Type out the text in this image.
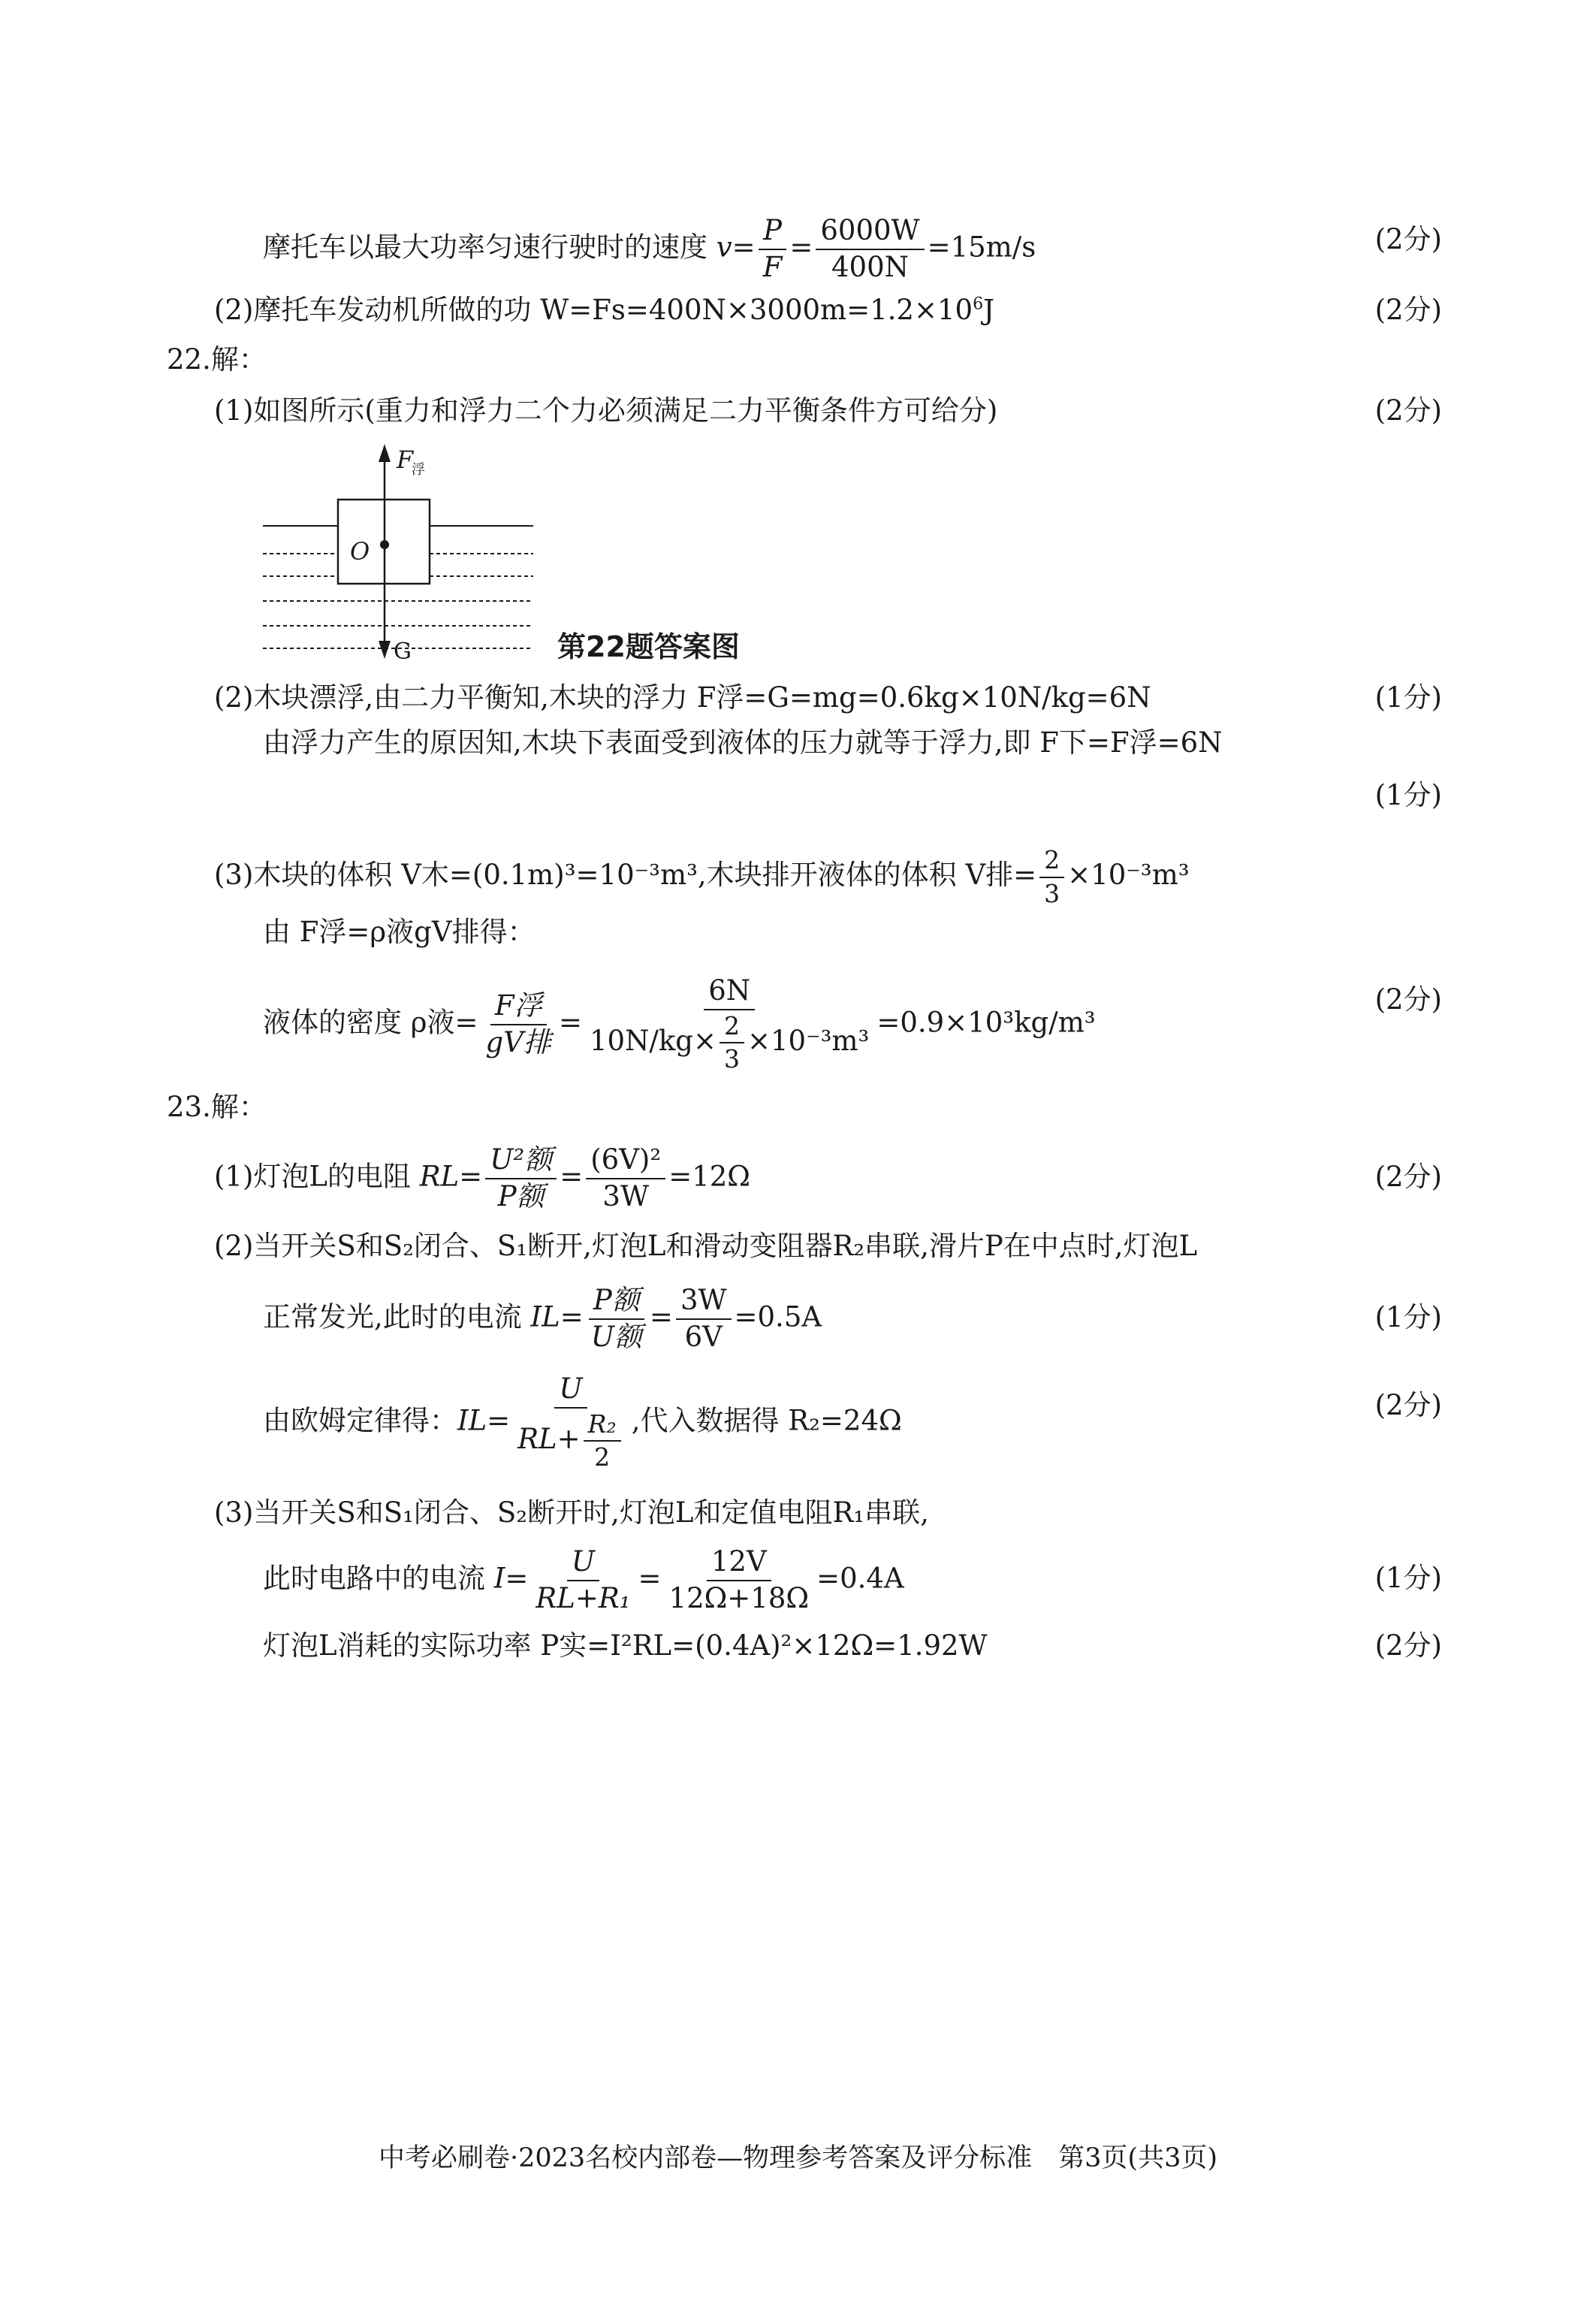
摩托车以最大功率匀速行驶时的速度 $v= \frac{P}{F} = \frac{6000W}{400N} =15m/s$	(2分)
(2)摩托车发动机所做的功 $W=Fs=400N\times 3000m=1.2\times 10^6J$	(2分)
22.解：
(1)如图所示(重力和浮力二个力必须满足二力平衡条件方可给分)	(2分)
F
浮
O
G	第22题答案图
(2)木块漂浮,由二力平衡知,木块的浮力 F浮=G=mg=0.6kg×10N/kg=6N	(1分)
由浮力产生的原因知,木块下表面受到液体的压力就等于浮力,即 F下=F浮=6N
(1分)
(3)木块的体积 V木=(0.1m)³=10⁻³m³,木块排开液体的体积 V排= $\frac{2}{3} \times 10^{-3}m^3$
由 F浮=ρ液gV排得：
液体的密度 ρ液= $\frac{\text{F浮}}{\text{gV排}} = \frac{6N}{10N/kg\times \frac{2}{3} \times 10^{-3}m^3} =0.9\times 10^3kg/m^3$
(2分)
23.解：
(1)灯泡L的电阻 $RL= \frac{\text{U²额}}{\text{P额}} = \frac{\text{(6V)²}}{3W} =12\Omega$	(2分)
(2)当开关S和S₂闭合、S₁断开,灯泡L和滑动变阻器R₂串联,滑片P在中点时,灯泡L
正常发光,此时的电流 $IL= \frac{\text{P额}}{\text{U额}} = \frac{3W}{6V} =0.5A$	(1分)
由欧姆定律得：$IL= \frac{U}{RL+ \frac{\text{R₂}}{2}}$ ,代入数据得 R₂=24Ω	(2分)
(3)当开关S和S₁闭合、S₂断开时,灯泡L和定值电阻R₁串联,
此时电路中的电流 $I= \frac{U}{\text{RL+R₁}} = \frac{12V}{12\Omega+18\Omega} =0.4A$	(1分)
灯泡L消耗的实际功率 P实=I²RL=(0.4A)²×12Ω=1.92W	(2分)
中考必刷卷·2023名校内部卷—物理参考答案及评分标准　第3页(共3页)
